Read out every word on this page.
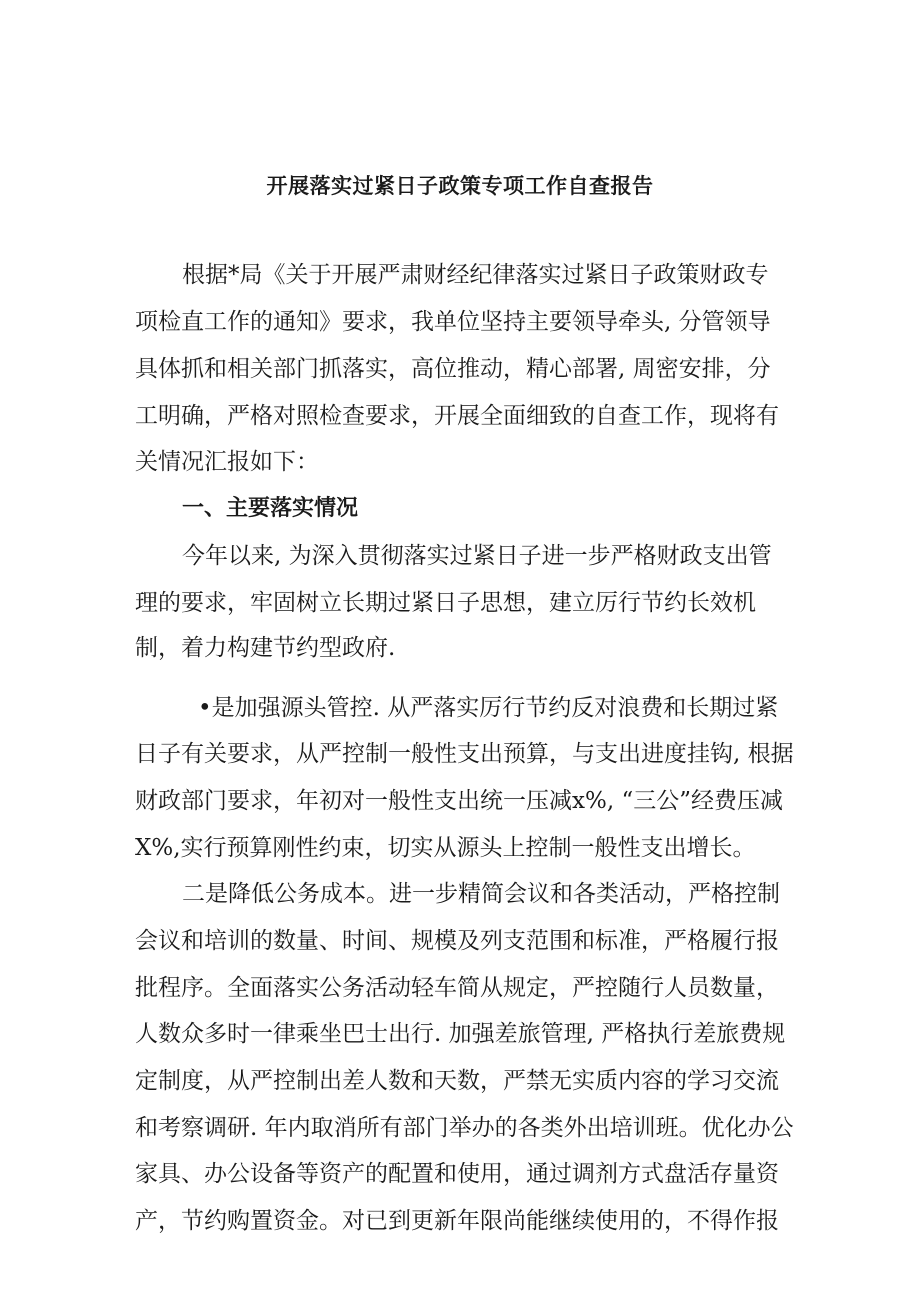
开展落实过紧日子政策专项工作自查报告
根据*局《关于开展严肃财经纪律落实过紧日子政策财政专
项检直工作的通知》要求，我单位坚持主要领导牵头, 分管领导
具体抓和相关部门抓落实，高位推动，精心部署, 周密安排，分
工明确，严格对照检查要求，开展全面细致的自查工作，现将有
关情况汇报如下：
一、主要落实情况
今年以来, 为深入贯彻落实过紧日子进一步严格财政支出管
理的要求，牢固树立长期过紧日子思想，建立厉行节约长效机
制，着力构建节约型政府.
•是加强源头管控. 从严落实厉行节约反对浪费和长期过紧
日子有关要求，从严控制一般性支出预算，与支出进度挂钩, 根据
财政部门要求，年初对一般性支出统一压减x%, “三公”经费压减
X%,实行预算刚性约束，切实从源头上控制一般性支出增长。
二是降低公务成本。进一步精简会议和各类活动，严格控制
会议和培训的数量、时间、规模及列支范围和标准，严格履行报
批程序。全面落实公务活动轻车简从规定，严控随行人员数量，
人数众多时一律乘坐巴士出行. 加强差旅管理, 严格执行差旅费规
定制度，从严控制出差人数和天数，严禁无实质内容的学习交流
和考察调研. 年内取消所有部门举办的各类外出培训班。优化办公
家具、办公设备等资产的配置和使用，通过调剂方式盘活存量资
产，节约购置资金。对已到更新年限尚能继续使用的，不得作报
